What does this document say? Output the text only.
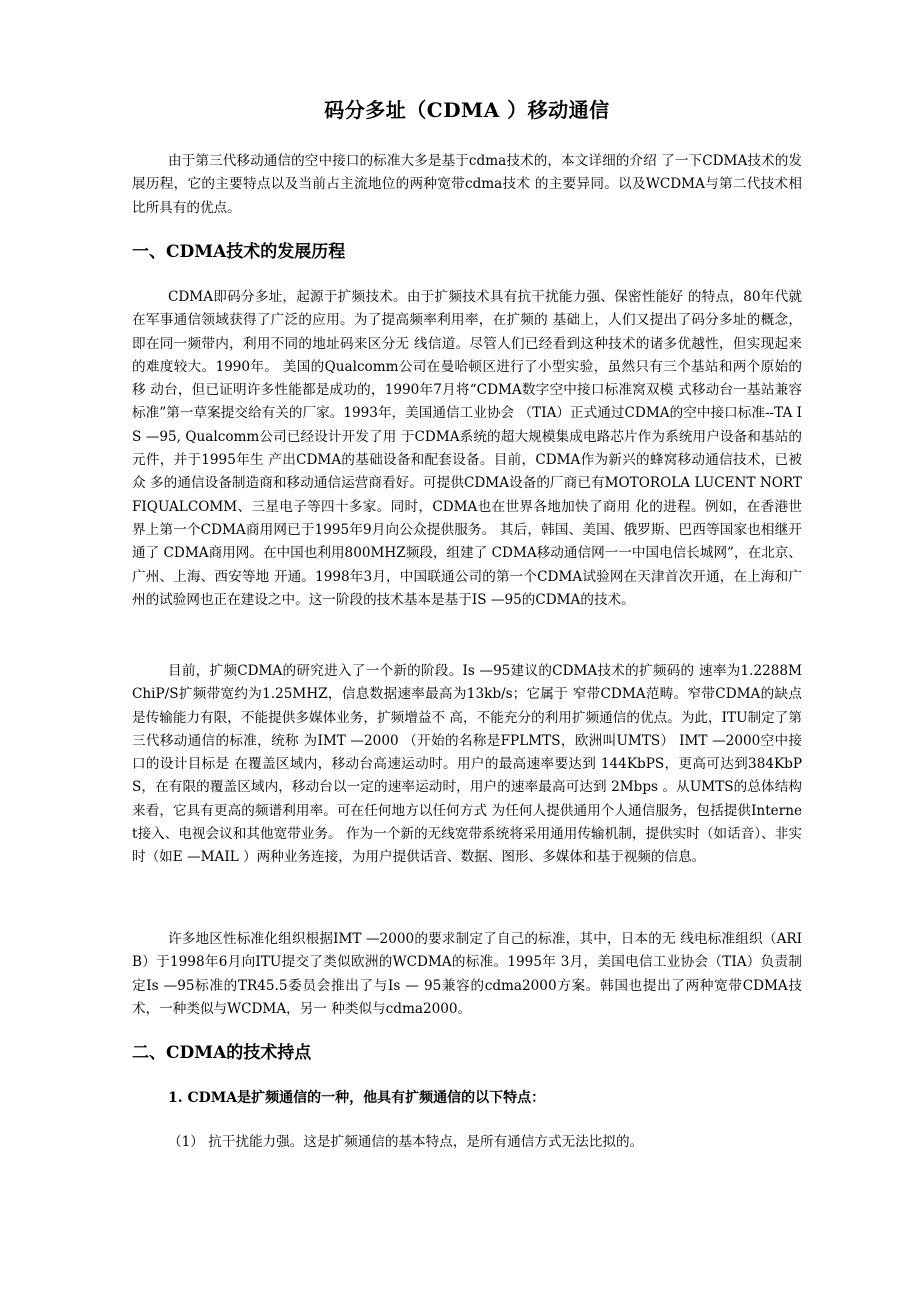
码分多址（CDMA ）移动通信

由于第三代移动通信的空中接口的标准大多是基于cdma技术的，本文详细的介绍 了一下CDMA技术的发展历程，它的主要特点以及当前占主流地位的两种宽带cdma技术 的主要异同。以及WCDMA与第二代技术相比所具有的优点。

一、CDMA技术的发展历程

CDMA即码分多址，起源于扩频技术。由于扩频技术具有抗干扰能力强、保密性能好 的特点，80年代就在军事通信领域获得了广泛的应用。为了提高频率利用率，在扩频的 基础上，人们又提出了码分多址的概念，即在同一频带内，利用不同的地址码来区分无 线信道。尽管人们已经看到这种技术的诸多优越性，但实现起来的难度较大。1990年。 美国的Qualcomm公司在曼哈顿区进行了小型实验，虽然只有三个基站和两个原始的移 动台，但已证明许多性能都是成功的，1990年7月将“CDMA数字空中接口标准窝双模 式移动台一基站兼容标准”第一草案提交给有关的厂家。1993年，美国通信工业协会 （TIA）正式通过CDMA的空中接口标准--TA IS —95, Qualcomm公司已经设计开发了用 于CDMA系统的超大规模集成电路芯片作为系统用户设备和基站的元件，并于1995年生 产出CDMA的基础设备和配套设备。目前，CDMA作为新兴的蜂窝移动通信技术，已被众 多的通信设备制造商和移动通信运营商看好。可提供CDMA设备的厂商已有MOTOROLA LUCENT NORTFIQUALCOMM、三星电子等四十多家。同时，CDMA也在世界各地加快了商用 化的进程。例如，在香港世界上第一个CDMA商用网已于1995年9月向公众提供服务。 其后，韩国、美国、俄罗斯、巴西等国家也相继开通了 CDMA商用网。在中国也利用800MHZ频段，组建了 CDMA移动通信网一一中国电信长城网”，在北京、广州、上海、西安等地 开通。1998年3月，中国联通公司的第一个CDMA试验网在天津首次开通，在上海和广 州的试验网也正在建设之中。这一阶段的技术基本是基于IS —95的CDMA的技术。

目前，扩频CDMA的研究进入了一个新的阶段。Is —95建议的CDMA技术的扩频码的 速率为1.2288MChiP/S扩频带宽约为1.25MHZ，信息数据速率最高为13kb/s；它属于 窄带CDMA范畴。窄带CDMA的缺点是传输能力有限，不能提供多媒体业务，扩频增益不 高，不能充分的利用扩频通信的优点。为此，ITU制定了第三代移动通信的标准，统称 为IMT —2000 （开始的名称是FPLMTS，欧洲叫UMTS） IMT —2000空中接口的设计目标是 在覆盖区域内，移动台高速运动时。用户的最高速率要达到 144KbPS，更高可达到384KbPS，在有限的覆盖区域内，移动台以一定的速率运动时，用户的速率最高可达到 2Mbps 。从UMTS的总体结构来看，它具有更高的频谱利用率。可在任何地方以任何方式 为任何人提供通用个人通信服务，包括提供Internet接入、电视会议和其他宽带业务。 作为一个新的无线宽带系统将采用通用传输机制，提供实时（如话音）、非实时（如E —MAIL ）两种业务连接，为用户提供话音、数据、图形、多媒体和基于视频的信息。

许多地区性标准化组织根据IMT —2000的要求制定了自己的标准，其中，日本的无 线电标准组织（ARIB）于1998年6月向ITU提交了类似欧洲的WCDMA的标准。1995年 3月，美国电信工业协会（TIA）负责制定Is —95标准的TR45.5委员会推出了与Is — 95兼容的cdma2000方案。韩国也提出了两种宽带CDMA技术，一种类似与WCDMA，另一 种类似与cdma2000。

二、CDMA的技术持点
1. CDMA是扩频通信的一种，他具有扩频通信的以下特点：
（1） 抗干扰能力强。这是扩频通信的基本特点，是所有通信方式无法比拟的。
